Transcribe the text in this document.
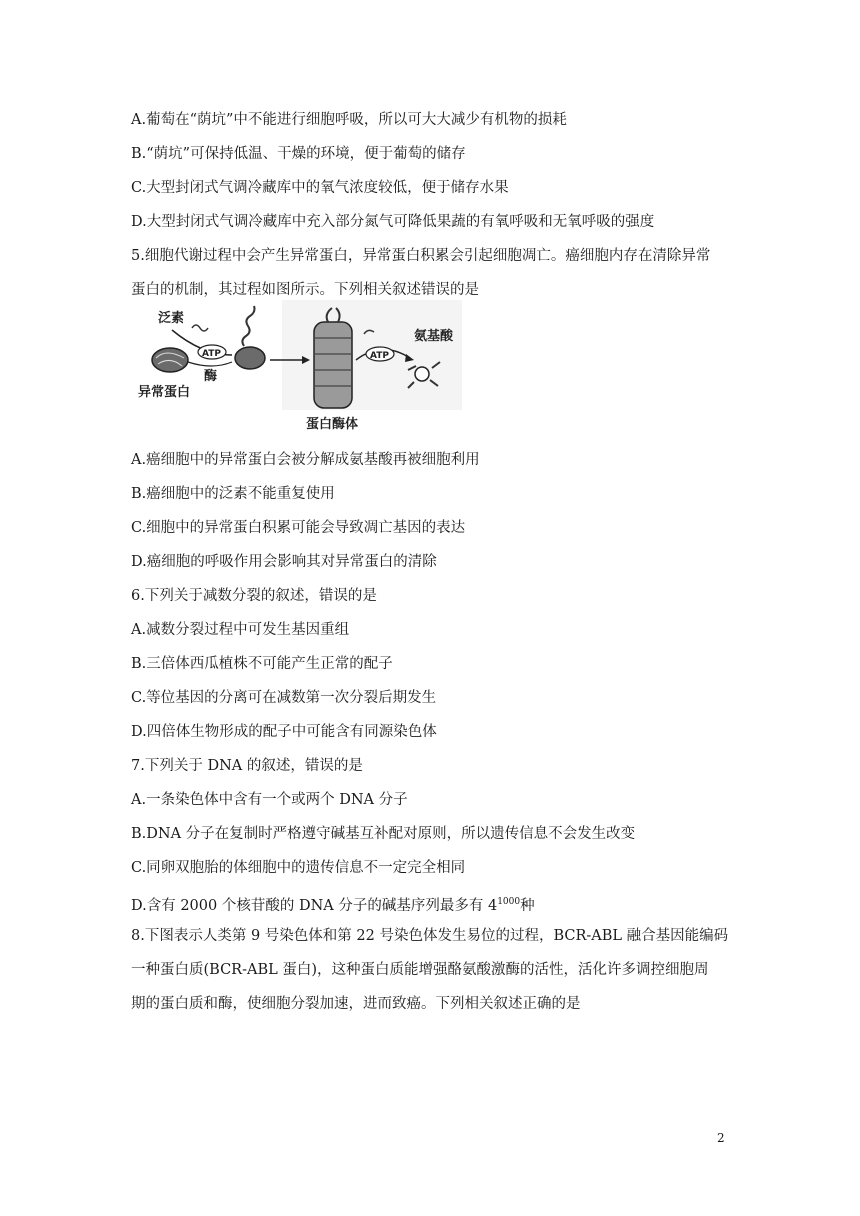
A.葡萄在“荫坑”中不能进行细胞呼吸，所以可大大减少有机物的损耗
B.“荫坑”可保持低温、干燥的环境，便于葡萄的储存
C.大型封闭式气调冷藏库中的氧气浓度较低，便于储存水果
D.大型封闭式气调冷藏库中充入部分氮气可降低果蔬的有氧呼吸和无氧呼吸的强度
5.细胞代谢过程中会产生异常蛋白，异常蛋白积累会引起细胞凋亡。癌细胞内存在清除异常
蛋白的机制，其过程如图所示。下列相关叙述错误的是
泛素
异常蛋白
ATP
酶
蛋白酶体
ATP
氨基酸
A.癌细胞中的异常蛋白会被分解成氨基酸再被细胞利用
B.癌细胞中的泛素不能重复使用
C.细胞中的异常蛋白积累可能会导致凋亡基因的表达
D.癌细胞的呼吸作用会影响其对异常蛋白的清除
6.下列关于减数分裂的叙述，错误的是
A.减数分裂过程中可发生基因重组
B.三倍体西瓜植株不可能产生正常的配子
C.等位基因的分离可在减数第一次分裂后期发生
D.四倍体生物形成的配子中可能含有同源染色体
7.下列关于 DNA 的叙述，错误的是
A.一条染色体中含有一个或两个 DNA 分子
B.DNA 分子在复制时严格遵守碱基互补配对原则，所以遗传信息不会发生改变
C.同卵双胞胎的体细胞中的遗传信息不一定完全相同
D.含有 2000 个核苷酸的 DNA 分子的碱基序列最多有 $4^{1000}$种
8.下图表示人类第 9 号染色体和第 22 号染色体发生易位的过程，BCR-ABL 融合基因能编码
一种蛋白质(BCR-ABL 蛋白)，这种蛋白质能增强酪氨酸激酶的活性，活化许多调控细胞周
期的蛋白质和酶，使细胞分裂加速，进而致癌。下列相关叙述正确的是
2
